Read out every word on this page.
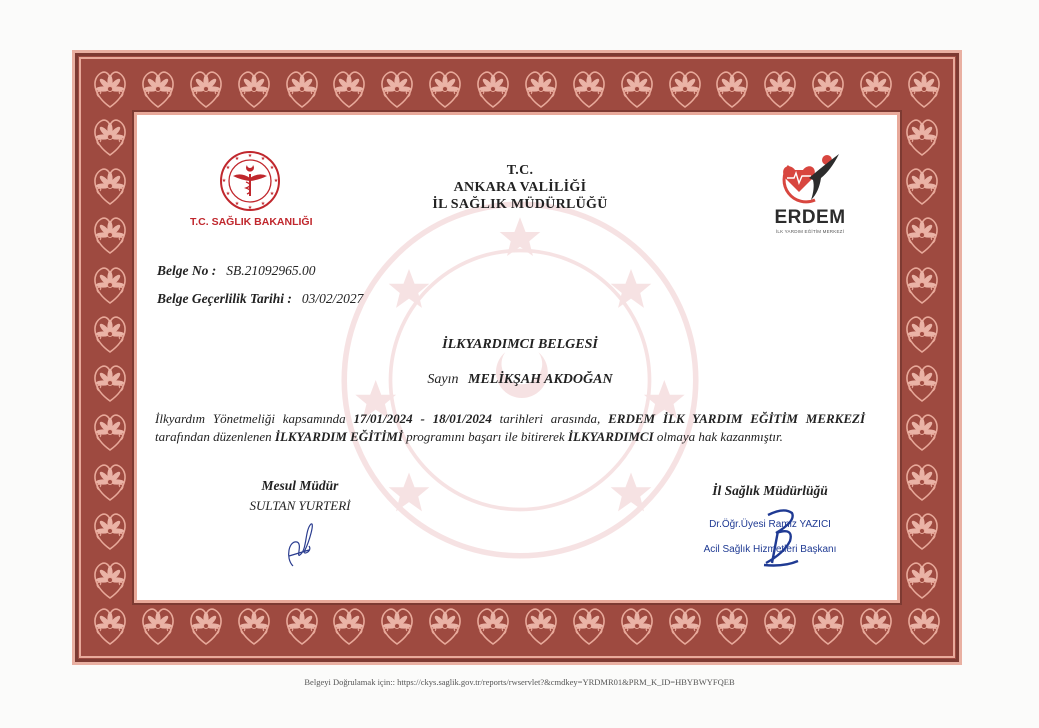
★ ★
★
★
★
★
★
★
★
★
★
★
T.C. SAĞLIK BAKANLIĞI
T.C.
ANKARA VALİLİĞİ
İL SAĞLIK MÜDÜRLÜĞÜ
ERDEM
İLK YARDIM EĞİTİM MERKEZİ
Belge No : SB.21092965.00
Belge Geçerlilik Tarihi : 03/02/2027
İLKYARDIMCI BELGESİ
Sayın MELİKŞAH AKDOĞAN
İlkyardım Yönetmeliği kapsamında 17/01/2024 - 18/01/2024 tarihleri arasında, ERDEM İLK YARDIM EĞİTİM MERKEZİ tarafından düzenlenen İLKYARDIM EĞİTİMİ programını başarı ile bitirerek İLKYARDIMCI olmaya hak kazanmıştır.
Mesul Müdür
SULTAN YURTERİ
İl Sağlık Müdürlüğü
Dr.Öğr.Üyesi Ramiz YAZICI
Acil Sağlık Hizmetleri Başkanı
Belgeyi Doğrulamak için:: https://ckys.saglik.gov.tr/reports/rwservlet?&cmdkey=YRDMR01&PRM_K_ID=HBYBWYFQEB
